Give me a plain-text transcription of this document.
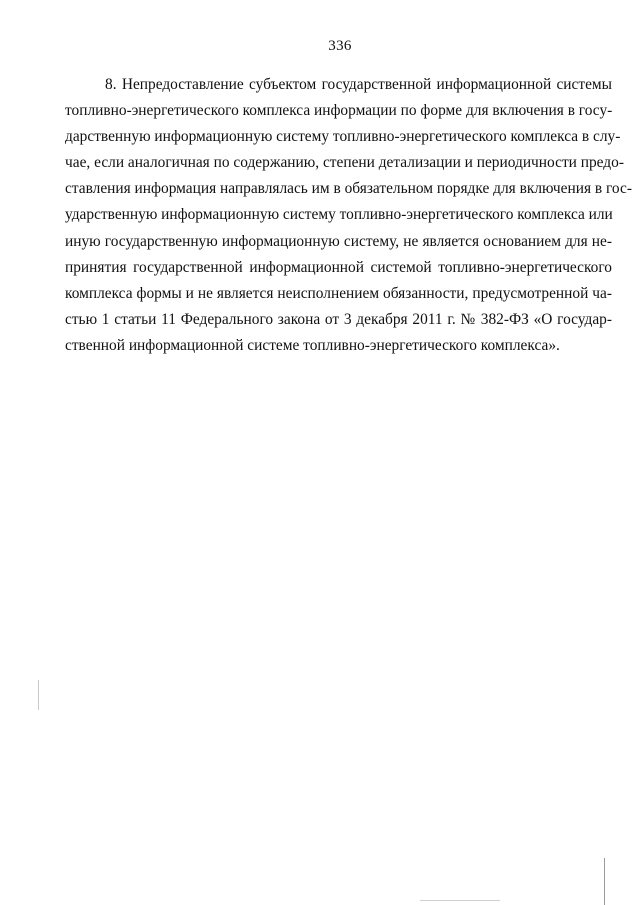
336
8. Непредоставление субъектом государственной информационной системы
топливно-энергетического комплекса информации по форме для включения в госу-
дарственную информационную систему топливно-энергетического комплекса в слу-
чае, если аналогичная по содержанию, степени детализации и периодичности предо-
ставления информация направлялась им в обязательном порядке для включения в гос-
ударственную информационную систему топливно-энергетического комплекса или
иную государственную информационную систему, не является основанием для не-
принятия государственной информационной системой топливно-энергетического
комплекса формы и не является неисполнением обязанности, предусмотренной ча-
стью 1 статьи 11 Федерального закона от 3 декабря 2011 г. № 382-ФЗ «О государ-
ственной информационной системе топливно-энергетического комплекса».
